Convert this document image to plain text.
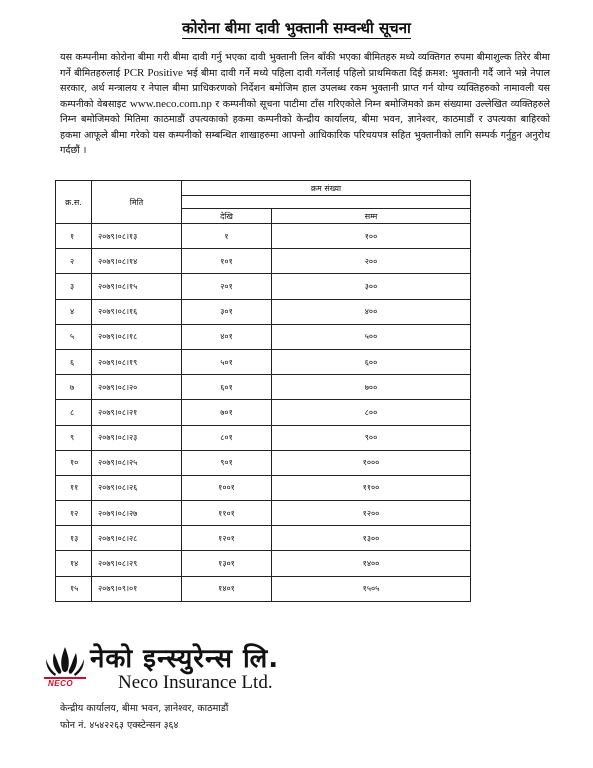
कोरोना बीमा दावी भुक्तानी सम्वन्धी सूचना
यस कम्पनीमा कोरोना बीमा गरी बीमा दावी गर्नु भएका दावी भुक्तानी लिन बाँकी भएका बीमितहरु मध्ये व्यक्तिगत रुपमा बीमाशुल्क तिरेर बीमा गर्ने बीमितहरुलाई PCR Positive भई बीमा दावी गर्ने मध्ये पहिला दावी गर्नेलाई पहिलो प्राथमिकता दिई क्रमश: भुक्तानी गर्दै जाने भन्ने नेपाल सरकार, अर्थ मन्त्रालय र नेपाल बीमा प्राधिकरणको निर्देशन बमोजिम हाल उपलब्ध रकम भुक्तानी प्राप्त गर्न योग्य व्यक्तिहरुको नामावली यस कम्पनीको वेबसाइट www.neco.com.np र कम्पनीको सूचना पाटीमा टाँस गरिएकोले निम्न बमोजिमको क्रम संख्यामा उल्लेखित व्यक्तिहरुले निम्न बमोजिमको मितिमा काठमाडौं उपत्यकाको हकमा कम्पनीको केन्द्रीय कार्यालय, बीमा भवन, ज्ञानेश्वर, काठमाडौं र उपत्यका बाहिरको हकमा आफूले बीमा गरेको यस कम्पनीको सम्बन्धित शाखाहरुमा आफ्नो आधिकारिक परिचयपत्र सहित भुक्तानीको लागि सम्पर्क गर्नुहुन अनुरोध गर्दछौं ।
क्र.स.	मिति	क्रम संख्या	

		देखि	सम्म
१	२०७९।०८।१३	१	१००
२	२०७९।०८।१४	१०१	२००
३	२०७९।०८।१५	२०१	३००
४	२०७९।०८।१६	३०१	४००
५	२०७९।०८।१८	४०१	५००
६	२०७९।०८।१९	५०१	६००
७	२०७९।०८।२०	६०१	७००
८	२०७९।०८।२१	७०१	८००
९	२०७९।०८।२३	८०१	९००
१०	२०७९।०८।२५	९०१	१०००
११	२०७९।०८।२६	१००१	११००
१२	२०७९।०८।२७	११०१	१२००
१३	२०७९।०८।२८	१२०१	१३००
१४	२०७९।०८।२९	१३०१	१४००
१५	२०७९।०९।०१	१४०१	१५०५
नेको इन्स्युरेन्स लि.
Neco Insurance Ltd.
NECO
केन्द्रीय कार्यालय, बीमा भवन, ज्ञानेश्वर, काठमाडौं
फोन नं. ४५४२२६३ एक्स्टेन्सन ३६४
